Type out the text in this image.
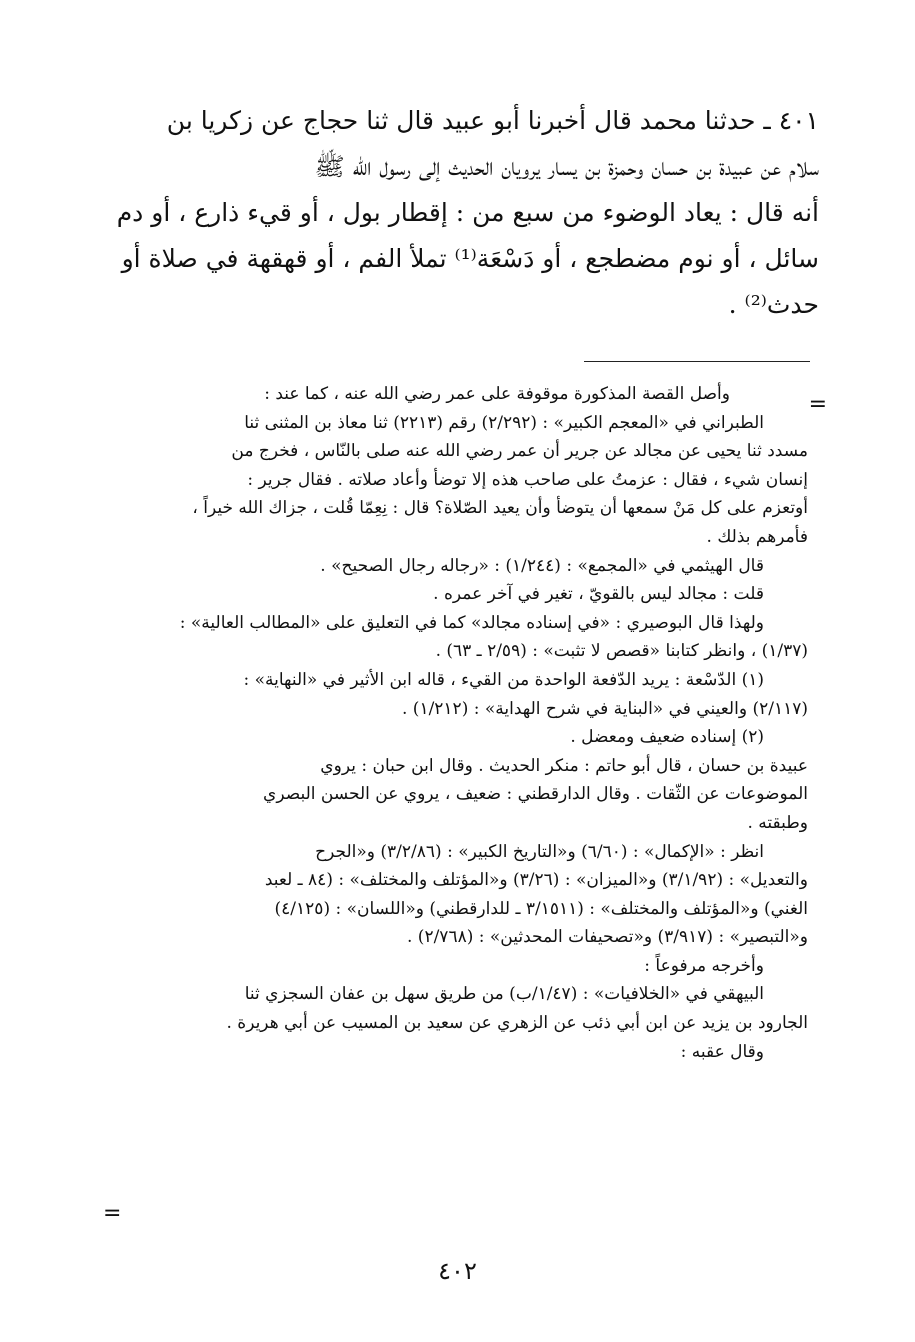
٤٠١ ـ حدثنا محمد قال أخبرنا أبو عبيد قال ثنا حجاج عن زكريا بن

سلام عن عبيدة بن حسان وحمزة بن يسار يرويان الحديث إلى رسول الله ﷺ

أنه قال : يعاد الوضوء من سبع من : إقطار بول ، أو قيء ذارع ، أو دم

سائل ، أو نوم مضطجع ، أو دَسْعَة⁽¹⁾ تملأ الفم ، أو قهقهة في صلاة أو

حدث⁽²⁾ .

=

وأصل القصة المذكورة موقوفة على عمر رضي الله عنه ، كما عند :

الطبراني في «المعجم الكبير» : (٢/٢٩٢) رقم (٢٢١٣) ثنا معاذ بن المثنى ثنا

مسدد ثنا يحيى عن مجالد عن جرير أن عمر رضي الله عنه صلى بالنّاس ، فخرج من

إنسان شيء ، فقال : عزمتُ على صاحب هذه إلا توضأ وأعاد صلاته . فقال جرير :

أوتعزم على كل مَنْ سمعها أن يتوضأ وأن يعيد الصّلاة؟ قال : نِعِمّا قُلت ، جزاك الله خيراً ،

فأمرهم بذلك .

قال الهيثمي في «المجمع» : (١/٢٤٤) : «رجاله رجال الصحيح» .

قلت : مجالد ليس بالقويّ ، تغير في آخر عمره .

ولهذا قال البوصيري : «في إسناده مجالد» كما في التعليق على «المطالب العالية» :

(١/٣٧) ، وانظر كتابنا «قصص لا تثبت» : (٢/٥٩ ـ ٦٣) .

(١) الدّسْعة : يريد الدّفعة الواحدة من القيء ، قاله ابن الأثير في «النهاية» :

(٢/١١٧) والعيني في «البناية في شرح الهداية» : (١/٢١٢) .

(٢) إسناده ضعيف ومعضل .

عبيدة بن حسان ، قال أبو حاتم : منكر الحديث . وقال ابن حبان : يروي

الموضوعات عن الثّقات . وقال الدارقطني : ضعيف ، يروي عن الحسن البصري

وطبقته .

انظر : «الإكمال» : (٦/٦٠) و«التاريخ الكبير» : (٣/٢/٨٦) و«الجرح

والتعديل» : (٣/١/٩٢) و«الميزان» : (٣/٢٦) و«المؤتلف والمختلف» : (٨٤ ـ لعبد

الغني) و«المؤتلف والمختلف» : (٣/١٥١١ ـ للدارقطني) و«اللسان» : (٤/١٢٥)

و«التبصير» : (٣/٩١٧) و«تصحيفات المحدثين» : (٢/٧٦٨) .

وأخرجه مرفوعاً :

البيهقي في «الخلافيات» : (١/٤٧/ب) من طريق سهل بن عفان السجزي ثنا

الجارود بن يزيد عن ابن أبي ذئب عن الزهري عن سعيد بن المسيب عن أبي هريرة .

وقال عقبه :

=
٤٠٢
